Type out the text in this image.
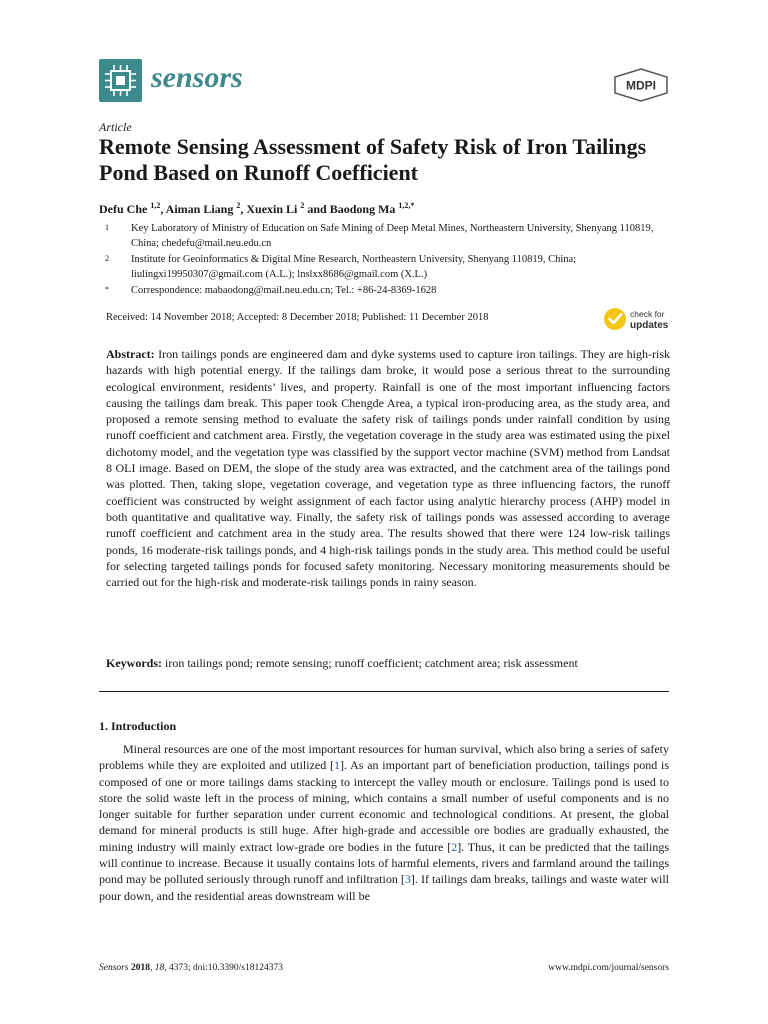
sensors	MDPI
Article
Remote Sensing Assessment of Safety Risk of Iron Tailings Pond Based on Runoff Coefficient
Defu Che $^{1,2}$, Aiman Liang $^2$, Xuexin Li $^2$ and Baodong Ma $^{1,2,*}$
1	Key Laboratory of Ministry of Education on Safe Mining of Deep Metal Mines, Northeastern University, Shenyang 110819, China; chedefu@mail.neu.edu.cn
2	Institute for Geoinformatics & Digital Mine Research, Northeastern University, Shenyang 110819, China; liulingxi19950307@gmail.com (A.L.); lnslxx8686@gmail.com (X.L.)
*	Correspondence: mabaodong@mail.neu.edu.cn; Tel.: +86-24-8369-1628
Received: 14 November 2018; Accepted: 8 December 2018; Published: 11 December 2018	check for
updates
Abstract: Iron tailings ponds are engineered dam and dyke systems used to capture iron tailings. They are high-risk hazards with high potential energy. If the tailings dam broke, it would pose a serious threat to the surrounding ecological environment, residents’ lives, and property. Rainfall is one of the most important influencing factors causing the tailings dam break. This paper took Chengde Area, a typical iron-producing area, as the study area, and proposed a remote sensing method to evaluate the safety risk of tailings ponds under rainfall condition by using runoff coefficient and catchment area. Firstly, the vegetation coverage in the study area was estimated using the pixel dichotomy model, and the vegetation type was classified by the support vector machine (SVM) method from Landsat 8 OLI image. Based on DEM, the slope of the study area was extracted, and the catchment area of the tailings pond was plotted. Then, taking slope, vegetation coverage, and vegetation type as three influencing factors, the runoff coefficient was constructed by weight assignment of each factor using analytic hierarchy process (AHP) model in both quantitative and qualitative way. Finally, the safety risk of tailings ponds was assessed according to average runoff coefficient and catchment area in the study area. The results showed that there were 124 low-risk tailings ponds, 16 moderate-risk tailings ponds, and 4 high-risk tailings ponds in the study area. This method could be useful for selecting targeted tailings ponds for focused safety monitoring. Necessary monitoring measurements should be carried out for the high-risk and moderate-risk tailings ponds in rainy season.
Keywords: iron tailings pond; remote sensing; runoff coefficient; catchment area; risk assessment
1. Introduction
Mineral resources are one of the most important resources for human survival, which also bring a series of safety problems while they are exploited and utilized [1]. As an important part of beneficiation production, tailings pond is composed of one or more tailings dams stacking to intercept the valley mouth or enclosure. Tailings pond is used to store the solid waste left in the process of mining, which contains a small number of useful components and is no longer suitable for further separation under current economic and technological conditions. At present, the global demand for mineral products is still huge. After high-grade and accessible ore bodies are gradually exhausted, the mining industry will mainly extract low-grade ore bodies in the future [2]. Thus, it can be predicted that the tailings will continue to increase. Because it usually contains lots of harmful elements, rivers and farmland around the tailings pond may be polluted seriously through runoff and infiltration [3]. If tailings dam breaks, tailings and waste water will pour down, and the residential areas downstream will be
Sensors 2018, 18, 4373; doi:10.3390/s18124373	www.mdpi.com/journal/sensors
